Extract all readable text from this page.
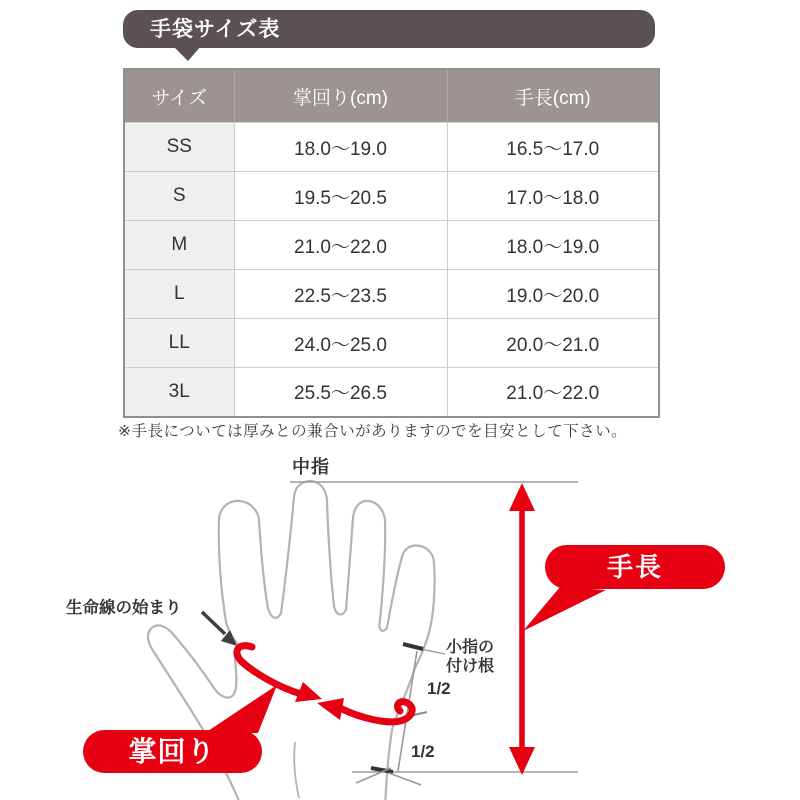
手袋サイズ表
サイズ	掌回り(cm)	手長(cm)
SS	18.0〜19.0	16.5〜17.0
S	19.5〜20.5	17.0〜18.0
M	21.0〜22.0	18.0〜19.0
L	22.5〜23.5	19.0〜20.0
LL	24.0〜25.0	20.0〜21.0
3L	25.5〜26.5	21.0〜22.0
※手長については厚みとの兼合いがありますのでを目安として下さい。
手長
掌回り
中指
生命線の始まり
小指の
付け根
1/2
1/2
